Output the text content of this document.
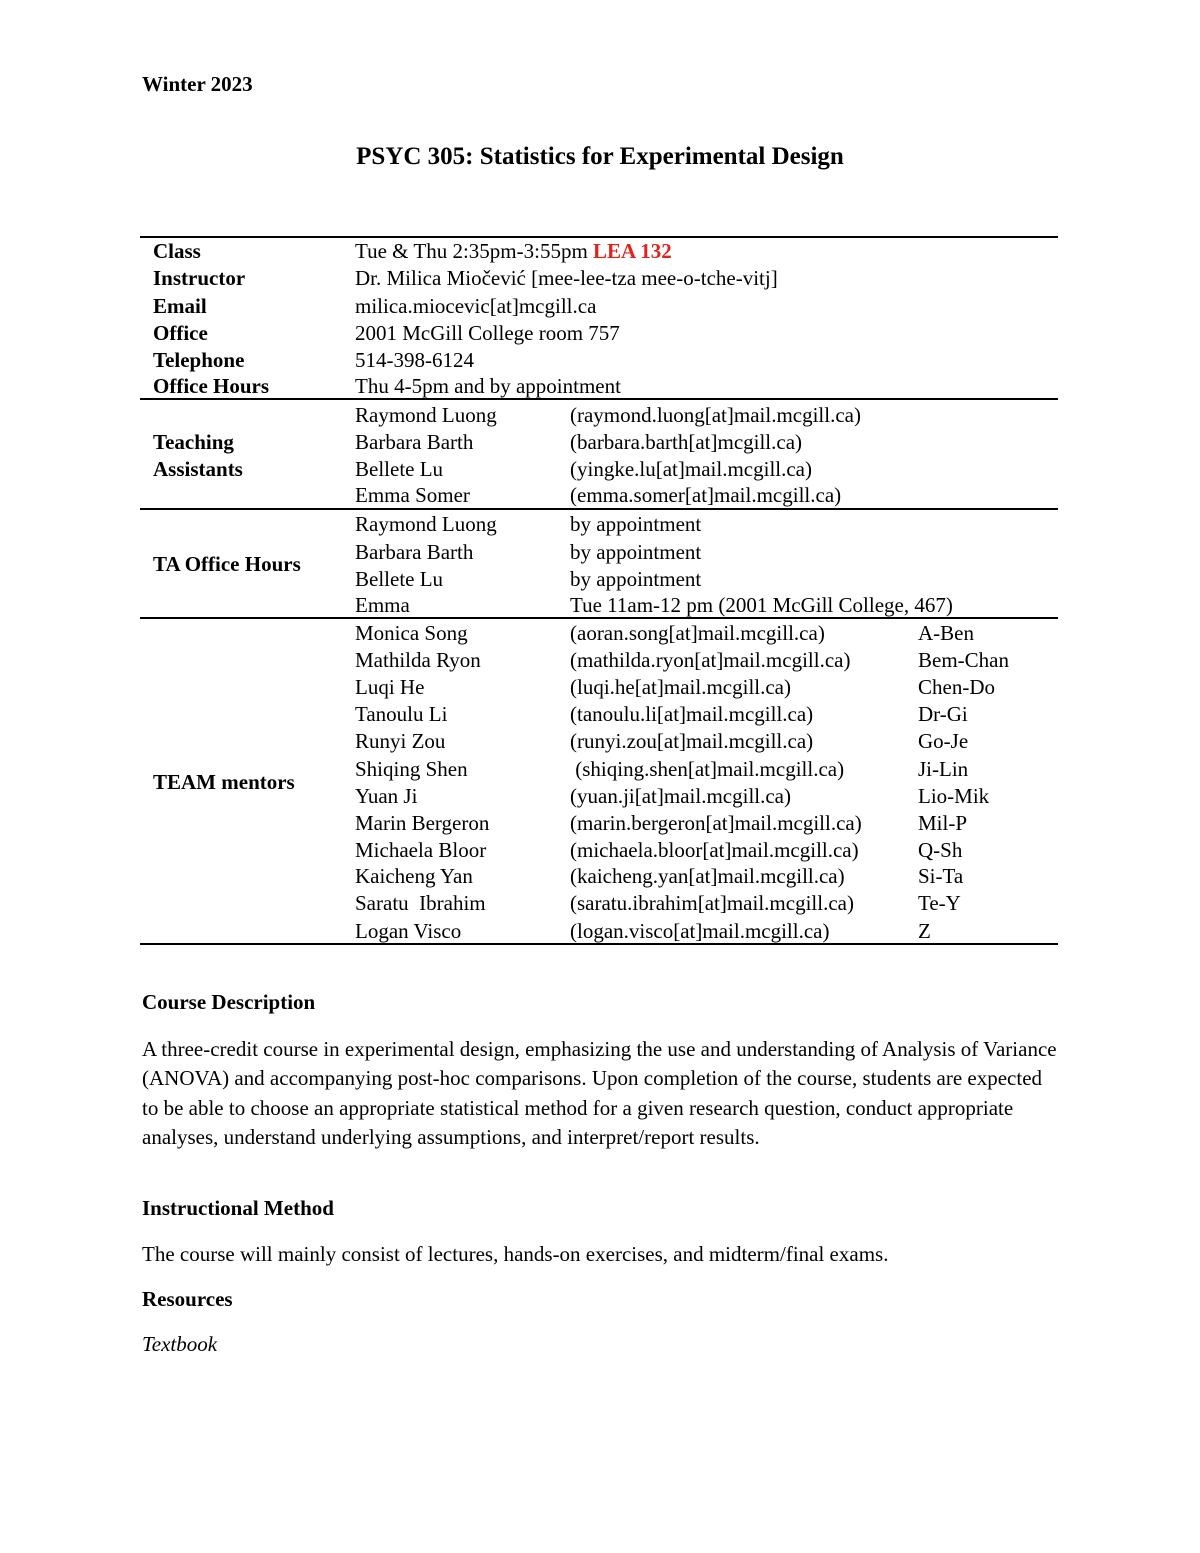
Winter 2023
PSYC 305: Statistics for Experimental Design
Class	Tue & Thu 2:35pm-3:55pm LEA 132
Instructor	Dr. Milica Miočević [mee-lee-tza mee-o-tche-vitj]
Email	milica.miocevic[at]mcgill.ca
Office	2001 McGill College room 757
Telephone	514-398-6124
Office Hours	Thu 4-5pm and by appointment
Teaching
Assistants
Raymond Luong	(raymond.luong[at]mail.mcgill.ca)
Barbara Barth	(barbara.barth[at]mcgill.ca)
Bellete Lu	(yingke.lu[at]mail.mcgill.ca)
Emma Somer	(emma.somer[at]mail.mcgill.ca)
TA Office Hours
Raymond Luong	by appointment
Barbara Barth	by appointment
Bellete Lu	by appointment
Emma	Tue 11am-12 pm (2001 McGill College, 467)
TEAM mentors
Monica Song	(aoran.song[at]mail.mcgill.ca)	A-Ben
Mathilda Ryon	(mathilda.ryon[at]mail.mcgill.ca)	Bem-Chan
Luqi He	(luqi.he[at]mail.mcgill.ca)	Chen-Do
Tanoulu Li	(tanoulu.li[at]mail.mcgill.ca)	Dr-Gi
Runyi Zou	(runyi.zou[at]mail.mcgill.ca)	Go-Je
Shiqing Shen	(shiqing.shen[at]mail.mcgill.ca)	Ji-Lin
Yuan Ji	(yuan.ji[at]mail.mcgill.ca)	Lio-Mik
Marin Bergeron	(marin.bergeron[at]mail.mcgill.ca)	Mil-P
Michaela Bloor	(michaela.bloor[at]mail.mcgill.ca)	Q-Sh
Kaicheng Yan	(kaicheng.yan[at]mail.mcgill.ca)	Si-Ta
Saratu  Ibrahim	(saratu.ibrahim[at]mail.mcgill.ca)	Te-Y
Logan Visco	(logan.visco[at]mail.mcgill.ca)	Z
Course Description
A three-credit course in experimental design, emphasizing the use and understanding of Analysis of Variance (ANOVA) and accompanying post-hoc comparisons. Upon completion of the course, students are expected to be able to choose an appropriate statistical method for a given research question, conduct appropriate analyses, understand underlying assumptions, and interpret/report results.
Instructional Method
The course will mainly consist of lectures, hands-on exercises, and midterm/final exams.
Resources
Textbook
